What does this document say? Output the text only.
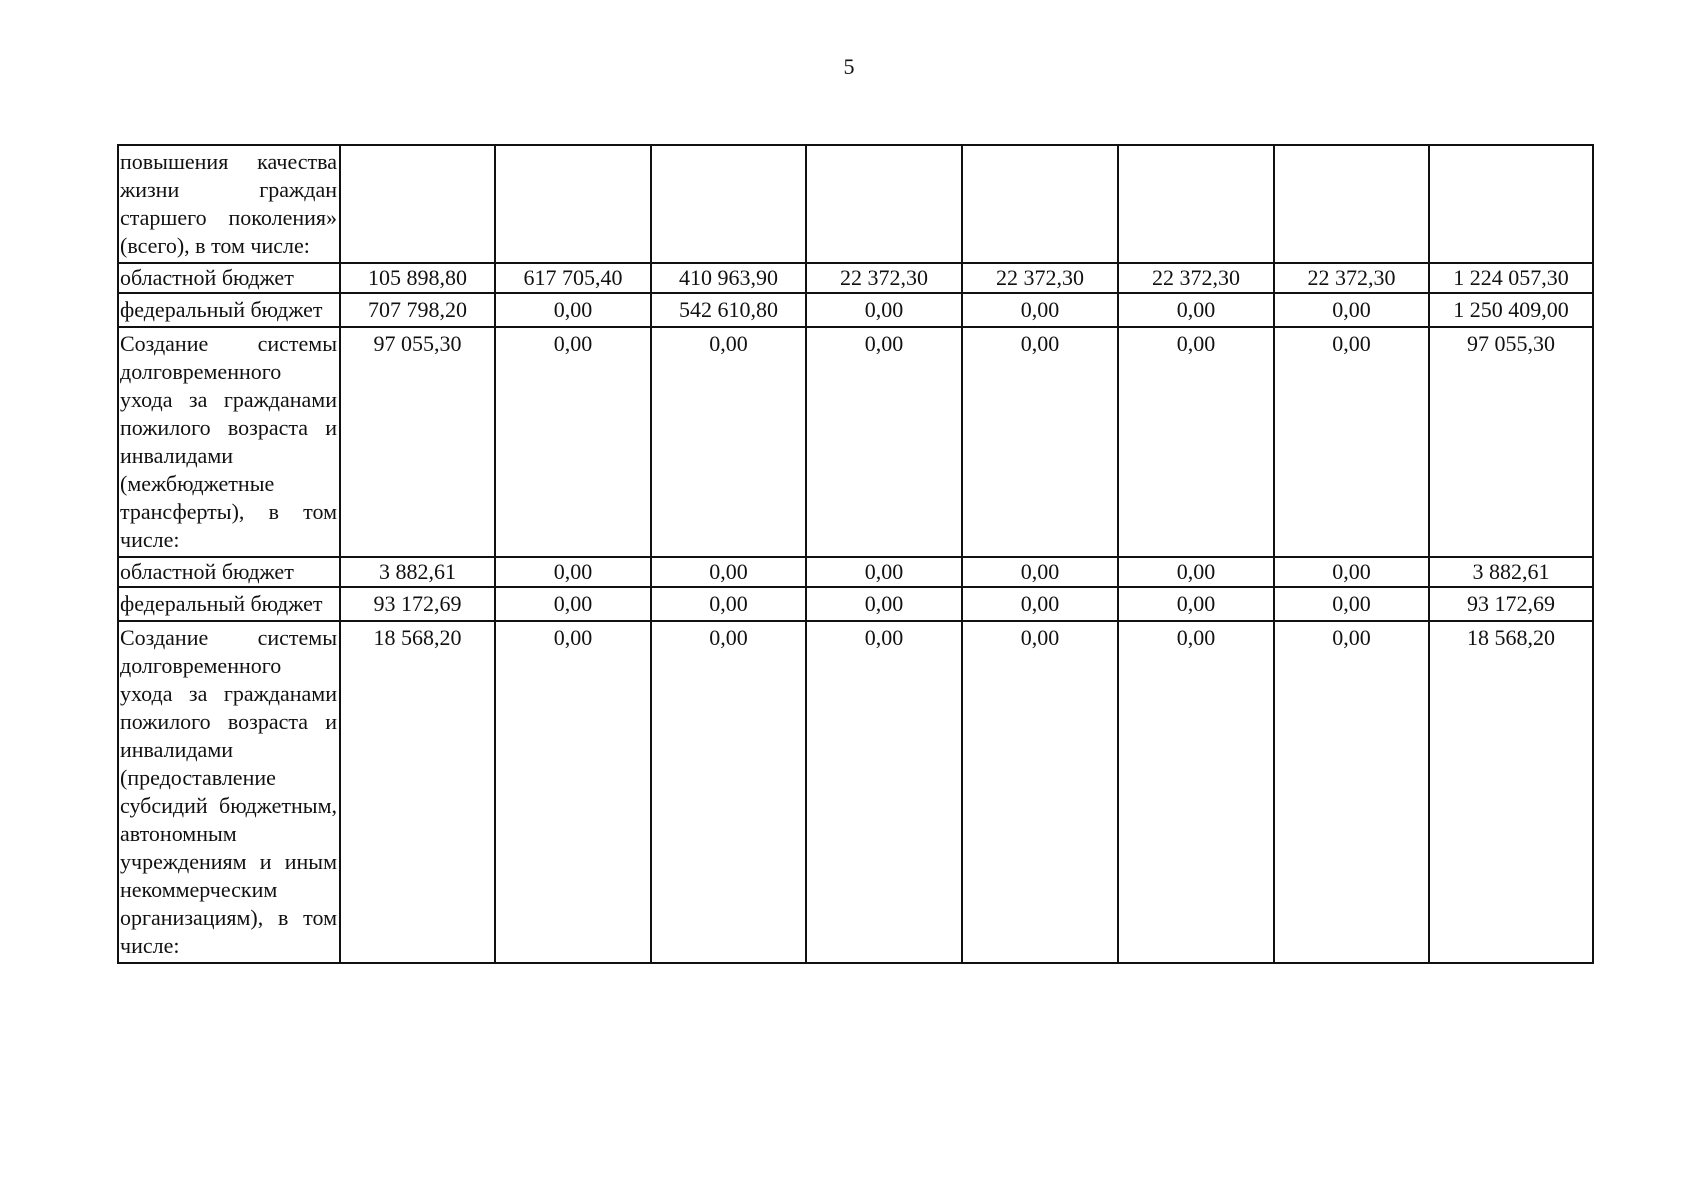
5
повышения качества жизни граждан старшего поколения» (всего), в том числе:								
областной бюджет	105 898,80	617 705,40	410 963,90	22 372,30	22 372,30	22 372,30	22 372,30	1 224 057,30
федеральный бюджет	707 798,20	0,00	542 610,80	0,00	0,00	0,00	0,00	1 250 409,00
Создание системы долговременного ухода за гражданами пожилого возраста и инвалидами (межбюджетные трансферты), в том числе:	97 055,30	0,00	0,00	0,00	0,00	0,00	0,00	97 055,30
областной бюджет	3 882,61	0,00	0,00	0,00	0,00	0,00	0,00	3 882,61
федеральный бюджет	93 172,69	0,00	0,00	0,00	0,00	0,00	0,00	93 172,69
Создание системы долговременного ухода за гражданами пожилого возраста и инвалидами (предоставление субсидий бюджетным, автономным учреждениям и иным некоммерческим организациям), в том числе:	18 568,20	0,00	0,00	0,00	0,00	0,00	0,00	18 568,20
